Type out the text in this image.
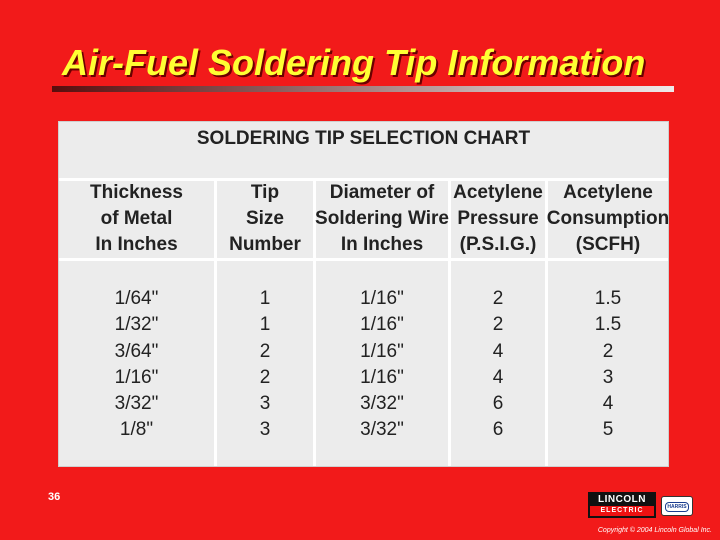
Air-Fuel Soldering Tip Information
SOLDERING TIP SELECTION CHART
Thickness
of Metal
In Inches
1/64"
1/32"
3/64"
1/16"
3/32"
1/8"
Tip
Size
Number
1
1
2
2
3
3
Diameter of
Soldering Wire
In Inches
1/16"
1/16"
1/16"
1/16"
3/32"
3/32"
Acetylene
Pressure
(P.S.I.G.)
2
2
4
4
6
6
Acetylene
Consumption
(SCFH)
1.5
1.5
2
3
4
5
36	LINCOLN
ELECTRIC	HARRIS
Copyright © 2004 Lincoln Global Inc.
